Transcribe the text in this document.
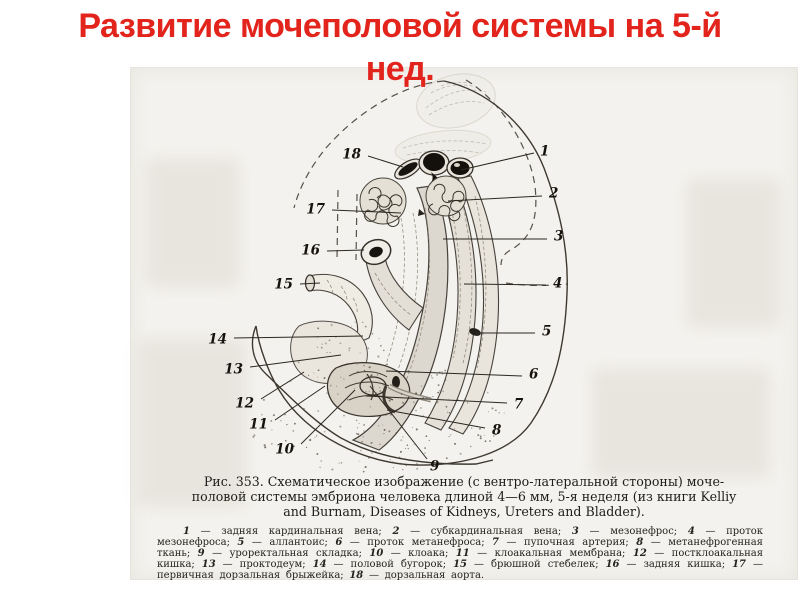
Развитие мочеполовой системы на 5-й
нед.
1
2
3
4
5
6
7
8
9
10
11
12
13
14
15
16
17
18
Рис. 353. Схематическое изображение (с вентро-латеральной стороны) моче-
половой системы эмбриона человека длиной 4—6 мм, 5-я неделя (из книги Kelliy
and Burnam, Diseases of Kidneys, Ureters and Bladder).
1 — задняя кардинальная вена; 2 — субкардинальная вена; 3 — мезонефрос; 4 — проток мезонефроса; 5 — аллантоис; 6 — проток метанефроса; 7 — пупочная артерия; 8 — метанефрогенная ткань; 9 — уроректальная складка; 10 — клоака; 11 — клоакальная мембрана; 12 — постклоакальная кишка; 13 — проктодеум; 14 — половой бугорок; 15 — брюшной стебелек; 16 — задняя кишка; 17 — первичная дорзальная брыжейка; 18 — дорзальная аорта.
